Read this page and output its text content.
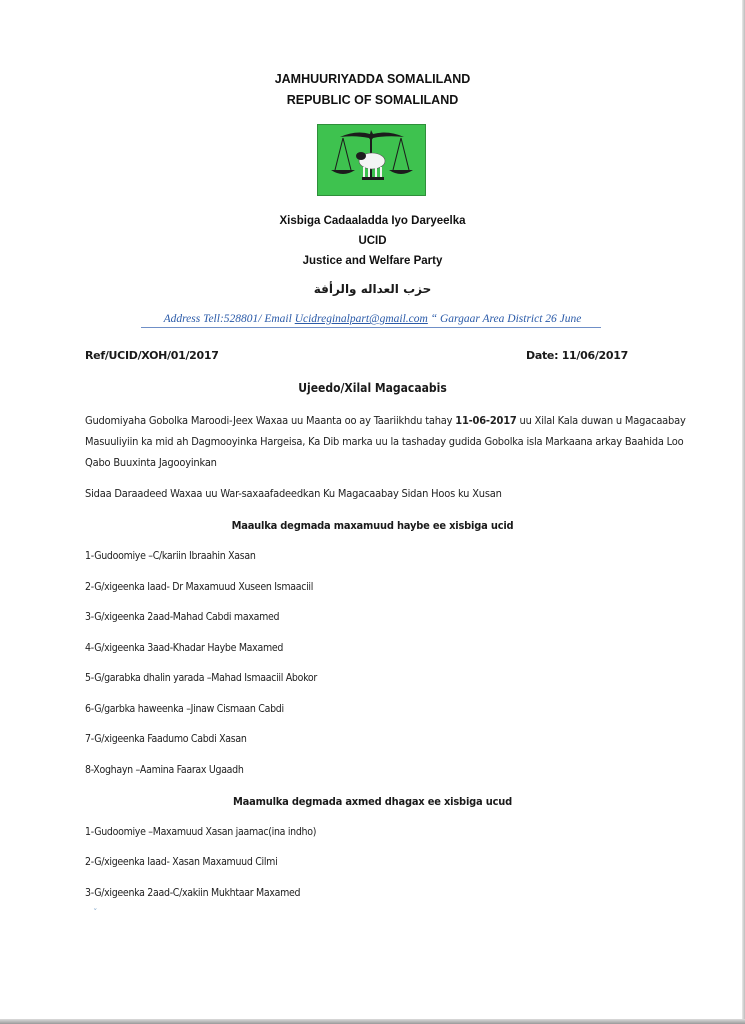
JAMHUURIYADDA SOMALILAND
REPUBLIC OF SOMALILAND
Xisbiga Cadaaladda Iyo Daryeelka
UCID
Justice and Welfare Party
حزب العداله والرأفة
Address Tell:528801/ Email Ucidreginalpart@gmail.com “ Gargaar Area District 26 June
Ref/UCID/XOH/01/2017	Date: 11/06/2017
Ujeedo/Xilal Magacaabis
Gudomiyaha Gobolka Maroodi-Jeex Waxaa uu Maanta oo ay Taariikhdu tahay 11-06-2017 uu Xilal Kala duwan u Magacaabay
Masuuliyiin ka mid ah Dagmooyinka Hargeisa, Ka Dib marka uu la tashaday gudida Gobolka isla Markaana arkay Baahida Loo
Qabo Buuxinta Jagooyinkan
Sidaa Daraadeed Waxaa uu War-saxaafadeedkan Ku Magacaabay Sidan Hoos ku Xusan
Maaulka degmada maxamuud haybe ee xisbiga ucid
1-Gudoomiye –C/kariin Ibraahin Xasan
2-G/xigeenka Iaad- Dr Maxamuud Xuseen Ismaaciil
3-G/xigeenka 2aad-Mahad Cabdi maxamed
4-G/xigeenka 3aad-Khadar Haybe Maxamed
5-G/garabka dhalin yarada –Mahad Ismaaciil Abokor
6-G/garbka haweenka –Jinaw Cismaan Cabdi
7-G/xigeenka Faadumo Cabdi Xasan
8-Xoghayn –Aamina Faarax Ugaadh
Maamulka degmada axmed dhagax ee xisbiga ucud
1-Gudoomiye –Maxamuud Xasan jaamac(ina indho)
2-G/xigeenka Iaad- Xasan Maxamuud Cilmi
3-G/xigeenka 2aad-C/xakiin Mukhtaar Maxamed
ˇ
